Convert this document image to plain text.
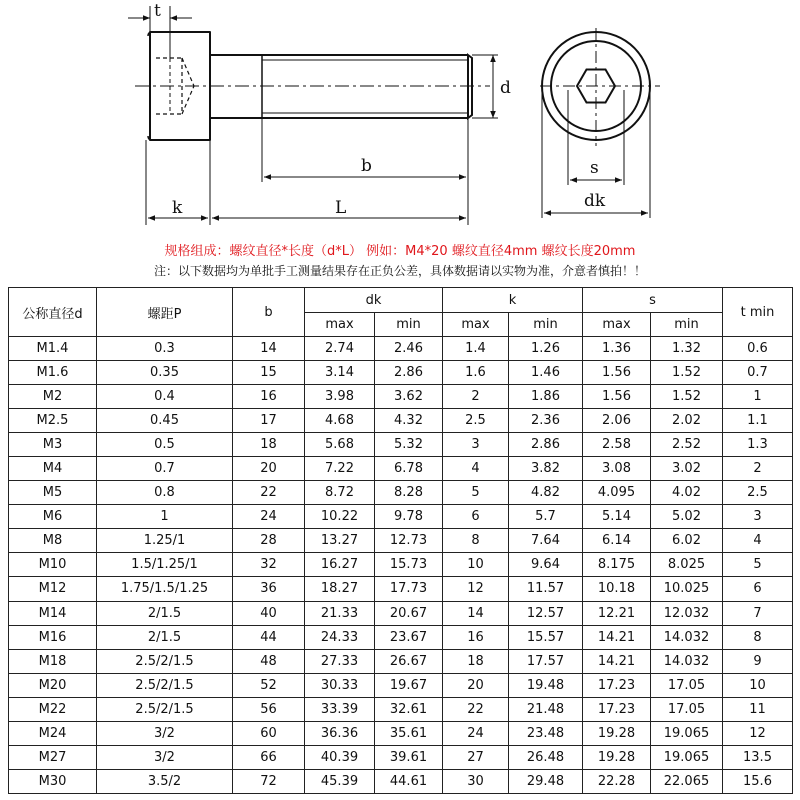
t
d
b
k	L
s
dk
规格组成：螺纹直径*长度（d*L） 例如：M4*20 螺纹直径4mm 螺纹长度20mm
注：以下数据均为单批手工测量结果存在正负公差，具体数据请以实物为准，介意者慎拍！！
公称直径d	螺距P	b	dk		k		s		t min
			max	min	max	min	max	min	
M1.4	0.3	14	2.74	2.46	1.4	1.26	1.36	1.32	0.6
M1.6	0.35	15	3.14	2.86	1.6	1.46	1.56	1.52	0.7
M2	0.4	16	3.98	3.62	2	1.86	1.56	1.52	1
M2.5	0.45	17	4.68	4.32	2.5	2.36	2.06	2.02	1.1
M3	0.5	18	5.68	5.32	3	2.86	2.58	2.52	1.3
M4	0.7	20	7.22	6.78	4	3.82	3.08	3.02	2
M5	0.8	22	8.72	8.28	5	4.82	4.095	4.02	2.5
M6	1	24	10.22	9.78	6	5.7	5.14	5.02	3
M8	1.25/1	28	13.27	12.73	8	7.64	6.14	6.02	4
M10	1.5/1.25/1	32	16.27	15.73	10	9.64	8.175	8.025	5
M12	1.75/1.5/1.25	36	18.27	17.73	12	11.57	10.18	10.025	6
M14	2/1.5	40	21.33	20.67	14	12.57	12.21	12.032	7
M16	2/1.5	44	24.33	23.67	16	15.57	14.21	14.032	8
M18	2.5/2/1.5	48	27.33	26.67	18	17.57	14.21	14.032	9
M20	2.5/2/1.5	52	30.33	19.67	20	19.48	17.23	17.05	10
M22	2.5/2/1.5	56	33.39	32.61	22	21.48	17.23	17.05	11
M24	3/2	60	36.36	35.61	24	23.48	19.28	19.065	12
M27	3/2	66	40.39	39.61	27	26.48	19.28	19.065	13.5
M30	3.5/2	72	45.39	44.61	30	29.48	22.28	22.065	15.6
